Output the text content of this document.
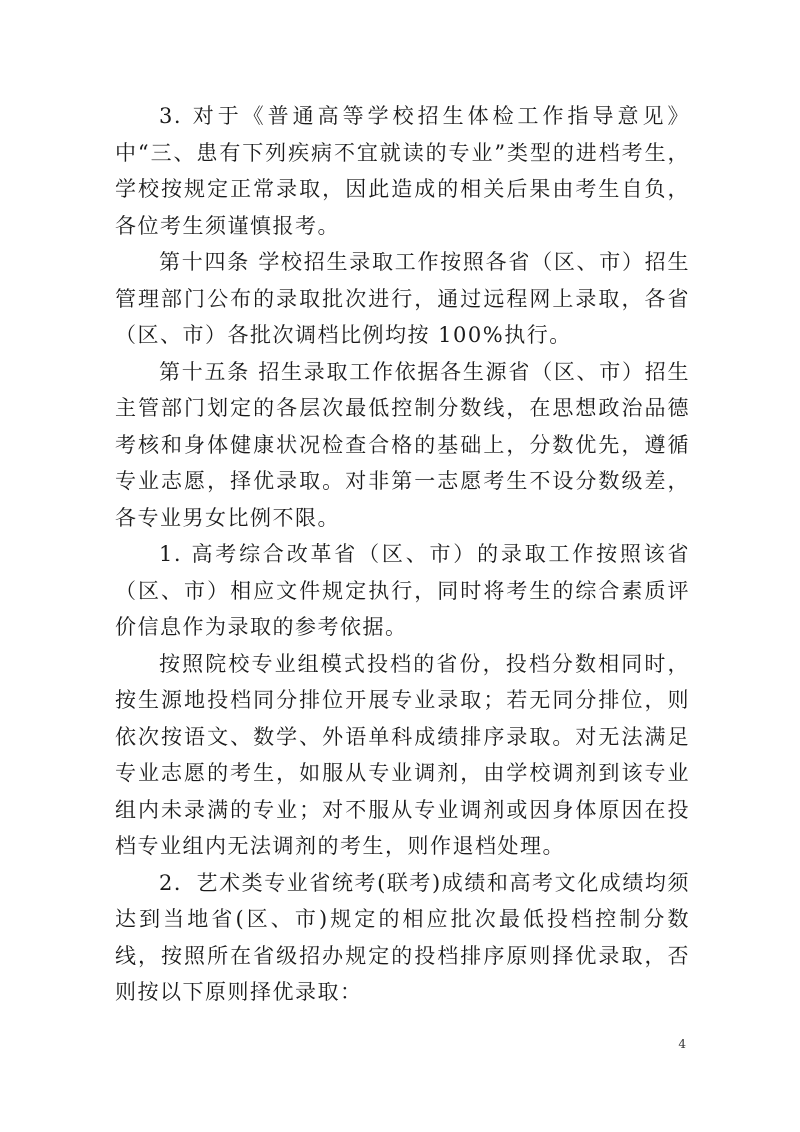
3. 对于《普通高等学校招生体检工作指导意见》中“三、患有下列疾病不宜就读的专业”类型的进档考生，学校按规定正常录取，因此造成的相关后果由考生自负，各位考生须谨慎报考。

第十四条 学校招生录取工作按照各省（区、市）招生管理部门公布的录取批次进行，通过远程网上录取，各省（区、市）各批次调档比例均按 100%执行。

第十五条 招生录取工作依据各生源省（区、市）招生主管部门划定的各层次最低控制分数线，在思想政治品德考核和身体健康状况检查合格的基础上，分数优先，遵循专业志愿，择优录取。对非第一志愿考生不设分数级差，各专业男女比例不限。

1. 高考综合改革省（区、市）的录取工作按照该省（区、市）相应文件规定执行，同时将考生的综合素质评价信息作为录取的参考依据。

按照院校专业组模式投档的省份，投档分数相同时，按生源地投档同分排位开展专业录取；若无同分排位，则依次按语文、数学、外语单科成绩排序录取。对无法满足专业志愿的考生，如服从专业调剂，由学校调剂到该专业组内未录满的专业；对不服从专业调剂或因身体原因在投档专业组内无法调剂的考生，则作退档处理。

2．艺术类专业省统考(联考)成绩和高考文化成绩均须达到当地省(区、市)规定的相应批次最低投档控制分数线，按照所在省级招办规定的投档排序原则择优录取，否则按以下原则择优录取：

4
